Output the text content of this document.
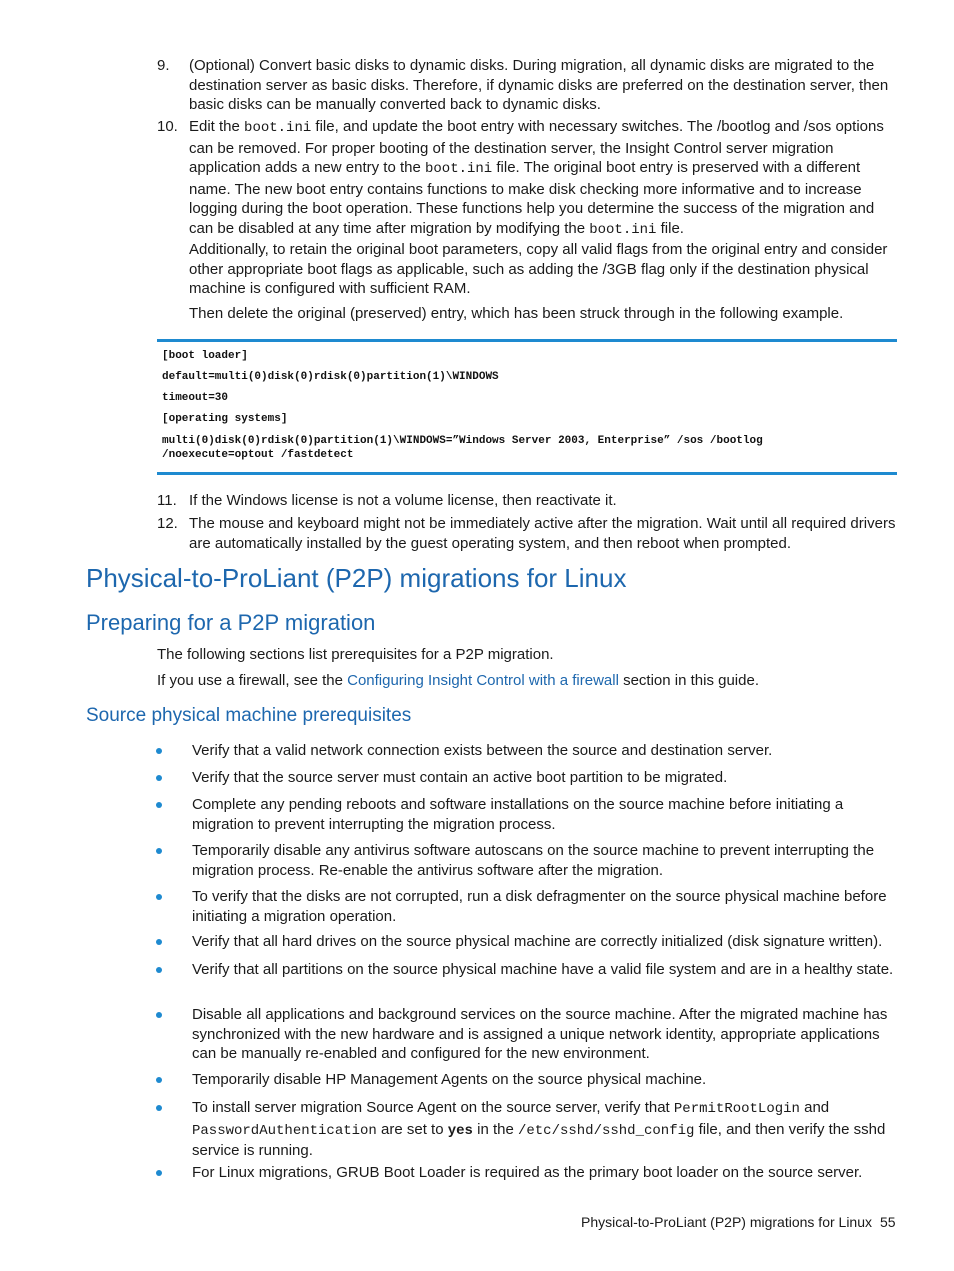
9.	(Optional) Convert basic disks to dynamic disks. During migration, all dynamic disks are migrated to the destination server as basic disks. Therefore, if dynamic disks are preferred on the destination server, then basic disks can be manually converted back to dynamic disks.
10. Edit the boot.ini file, and update the boot entry with necessary switches. The /bootlog and /sos options can be removed. For proper booting of the destination server, the Insight Control server migration application adds a new entry to the boot.ini file. The original boot entry is preserved with a different name. The new boot entry contains functions to make disk checking more informative and to increase logging during the boot operation. These functions help you determine the success of the migration and can be disabled at any time after migration by modifying the boot.ini file.
Additionally, to retain the original boot parameters, copy all valid flags from the original entry and consider other appropriate boot flags as applicable, such as adding the /3GB flag only if the destination physical machine is configured with sufficient RAM.
Then delete the original (preserved) entry, which has been struck through in the following example.
[boot loader]
default=multi(0)disk(0)rdisk(0)partition(1)\WINDOWS
timeout=30
[operating systems]
multi(0)disk(0)rdisk(0)partition(1)\WINDOWS=”Windows Server 2003, Enterprise” /sos /bootlog
/noexecute=optout /fastdetect
11. If the Windows license is not a volume license, then reactivate it.
12. The mouse and keyboard might not be immediately active after the migration. Wait until all required drivers are automatically installed by the guest operating system, and then reboot when prompted.
Physical-to-ProLiant (P2P) migrations for Linux
Preparing for a P2P migration
The following sections list prerequisites for a P2P migration.
If you use a firewall, see the Configuring Insight Control with a firewall section in this guide.
Source physical machine prerequisites
Verify that a valid network connection exists between the source and destination server.
Verify that the source server must contain an active boot partition to be migrated.
Complete any pending reboots and software installations on the source machine before initiating a migration to prevent interrupting the migration process.
Temporarily disable any antivirus software autoscans on the source machine to prevent interrupting the migration process. Re-enable the antivirus software after the migration.
To verify that the disks are not corrupted, run a disk defragmenter on the source physical machine before initiating a migration operation.
Verify that all hard drives on the source physical machine are correctly initialized (disk signature written).
Verify that all partitions on the source physical machine have a valid file system and are in a healthy state.
Disable all applications and background services on the source machine. After the migrated machine has synchronized with the new hardware and is assigned a unique network identity, appropriate applications can be manually re-enabled and configured for the new environment.
Temporarily disable HP Management Agents on the source physical machine.
To install server migration Source Agent on the source server, verify that PermitRootLogin and PasswordAuthentication are set to yes in the /etc/sshd/sshd_config file, and then verify the sshd service is running.
For Linux migrations, GRUB Boot Loader is required as the primary boot loader on the source server.
Physical-to-ProLiant (P2P) migrations for Linux 55
